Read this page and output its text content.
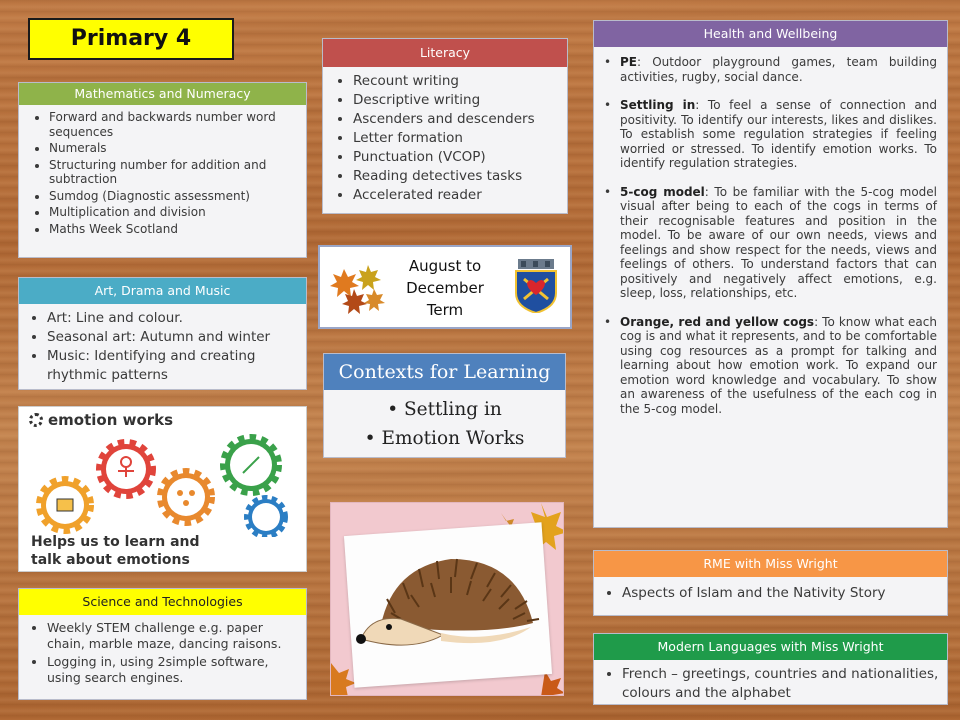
Primary 4
Mathematics and Numeracy
• Forward and backwards number word sequences
• Numerals
• Structuring number for addition and subtraction
• Sumdog (Diagnostic assessment)
• Multiplication and division
• Maths Week Scotland
Literacy
• Recount writing
• Descriptive writing
• Ascenders and descenders
• Letter formation
• Punctuation (VCOP)
• Reading detectives tasks
• Accelerated reader
August to
December
Term
Art, Drama and Music
• Art: Line and colour.
• Seasonal art: Autumn and winter
• Music: Identifying and creating rhythmic patterns	Contexts for Learning
• Settling in
• Emotion Works
emotion works
Helps us to learn and
talk about emotions
Science and Technologies
• Weekly STEM challenge e.g. paper chain, marble maze, dancing raisons.
• Logging in, using 2simple software, using search engines.
Health and Wellbeing

• PE: Outdoor playground games, team building activities, rugby, social dance.

• Settling in: To feel a sense of connection and positivity. To identify our interests, likes and dislikes. To establish some regulation strategies if feeling worried or stressed. To identify emotion works. To identify regulation strategies.

• 5-cog model: To be familiar with the 5-cog model visual after being to each of the cogs in terms of their recognisable features and position in the model. To be aware of our own needs, views and feelings and show respect for the needs, views and feelings of others. To understand factors that can positively and negatively affect emotions, e.g. sleep, loss, relationships, etc.

• Orange, red and yellow cogs: To know what each cog is and what it represents, and to be comfortable using cog resources as a prompt for talking and learning about how emotion work. To expand our emotion word knowledge and vocabulary. To show an awareness of the usefulness of the each cog in the 5-cog model.

RME with Miss Wright
• Aspects of Islam and the Nativity Story
Modern Languages with Miss Wright
• French – greetings, countries and nationalities, colours and the alphabet
